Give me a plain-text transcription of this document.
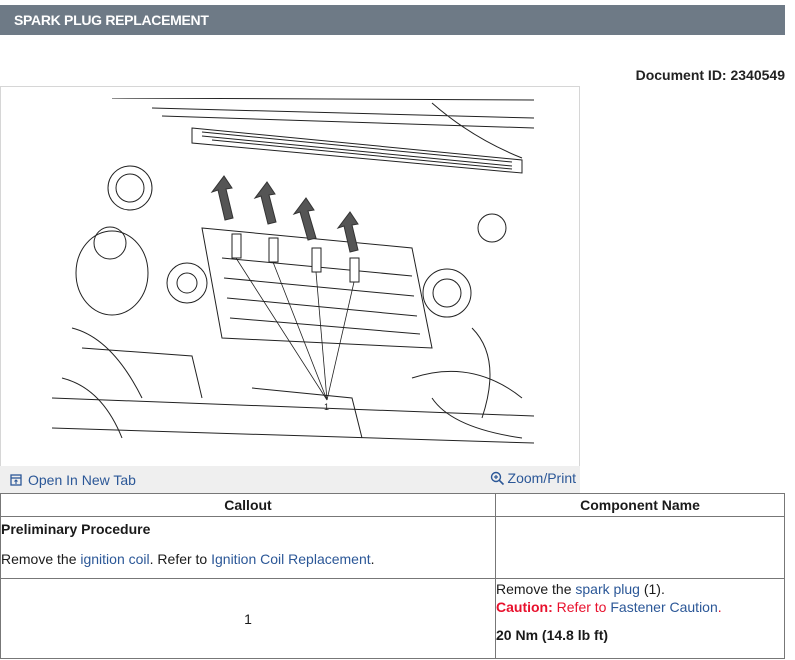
SPARK PLUG REPLACEMENT
Document ID: 2340549
1
Open In New Tab	Zoom/Print
Callout	Component Name

Preliminary Procedure
Remove the ignition coil. Refer to Ignition Coil Replacement.	

1	Remove the spark plug (1).
Caution: Refer to Fastener Caution.
20 Nm (14.8 lb ft)
